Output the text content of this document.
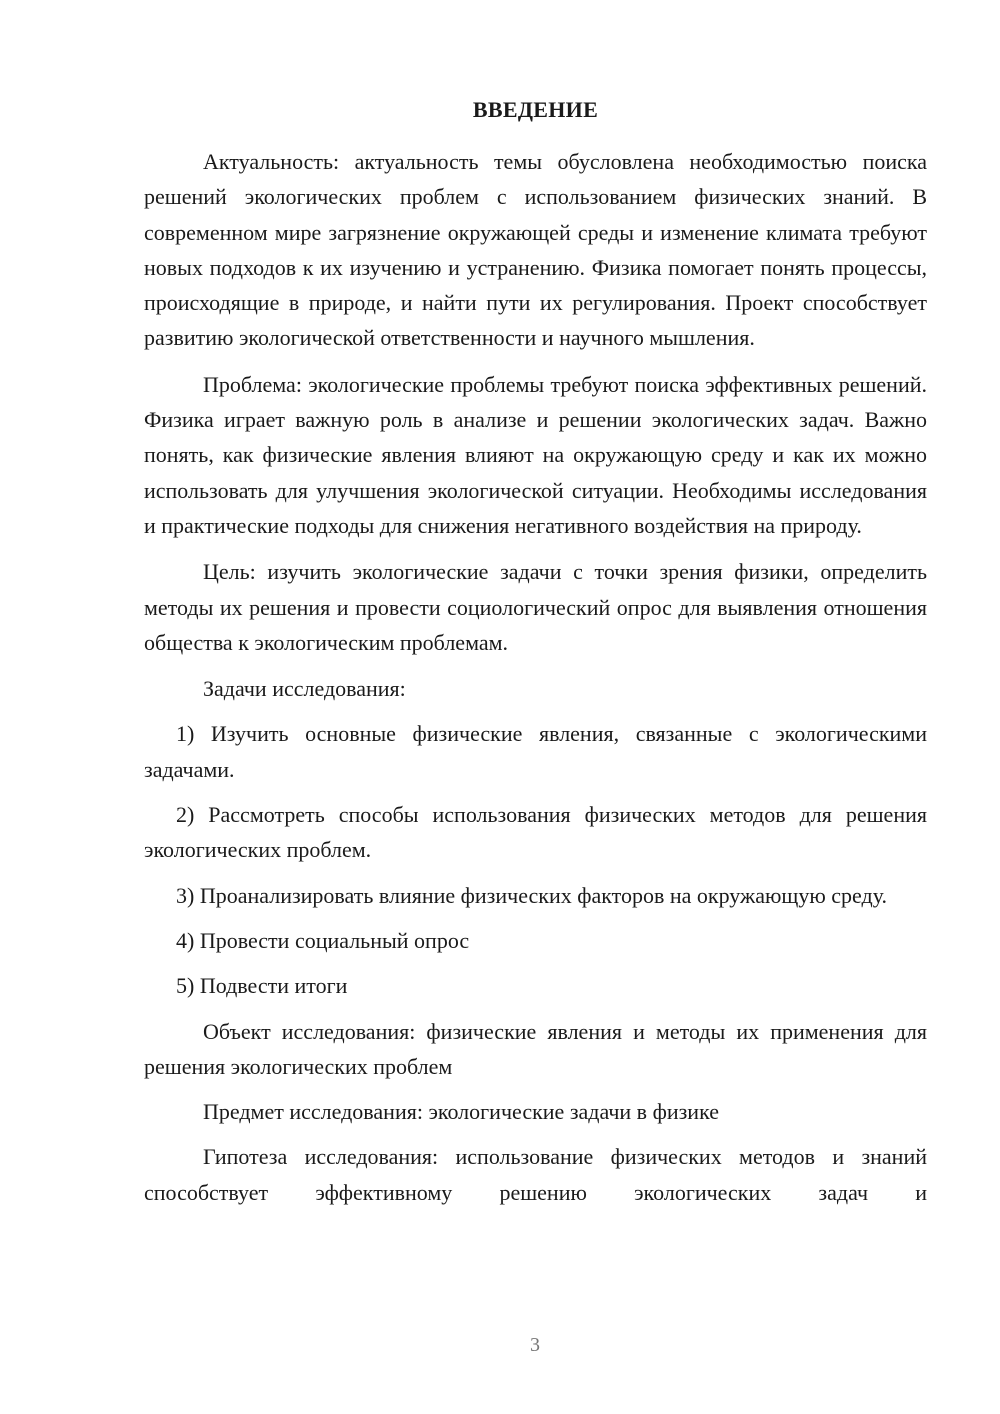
ВВЕДЕНИЕ

Актуальность: актуальность темы обусловлена необходимостью поиска решений экологических проблем с использованием физических знаний. В современном мире загрязнение окружающей среды и изменение климата требуют новых подходов к их изучению и устранению. Физика помогает понять процессы, происходящие в природе, и найти пути их регулирования. Проект способствует развитию экологической ответственности и научного мышления.

Проблема: экологические проблемы требуют поиска эффективных решений. Физика играет важную роль в анализе и решении экологических задач. Важно понять, как физические явления влияют на окружающую среду и как их можно использовать для улучшения экологической ситуации. Необходимы исследования и практические подходы для снижения негативного воздействия на природу.

Цель: изучить экологические задачи с точки зрения физики, определить методы их решения и провести социологический опрос для выявления отношения общества к экологическим проблемам.

Задачи исследования:

1) Изучить основные физические явления, связанные с экологическими задачами.

2) Рассмотреть способы использования физических методов для решения экологических проблем.

3) Проанализировать влияние физических факторов на окружающую среду.

4) Провести социальный опрос

5) Подвести итоги

Объект исследования: физические явления и методы их применения для решения экологических проблем

Предмет исследования: экологические задачи в физике

Гипотеза исследования: использование физических методов и знаний способствует эффективному решению экологических задач и

3
